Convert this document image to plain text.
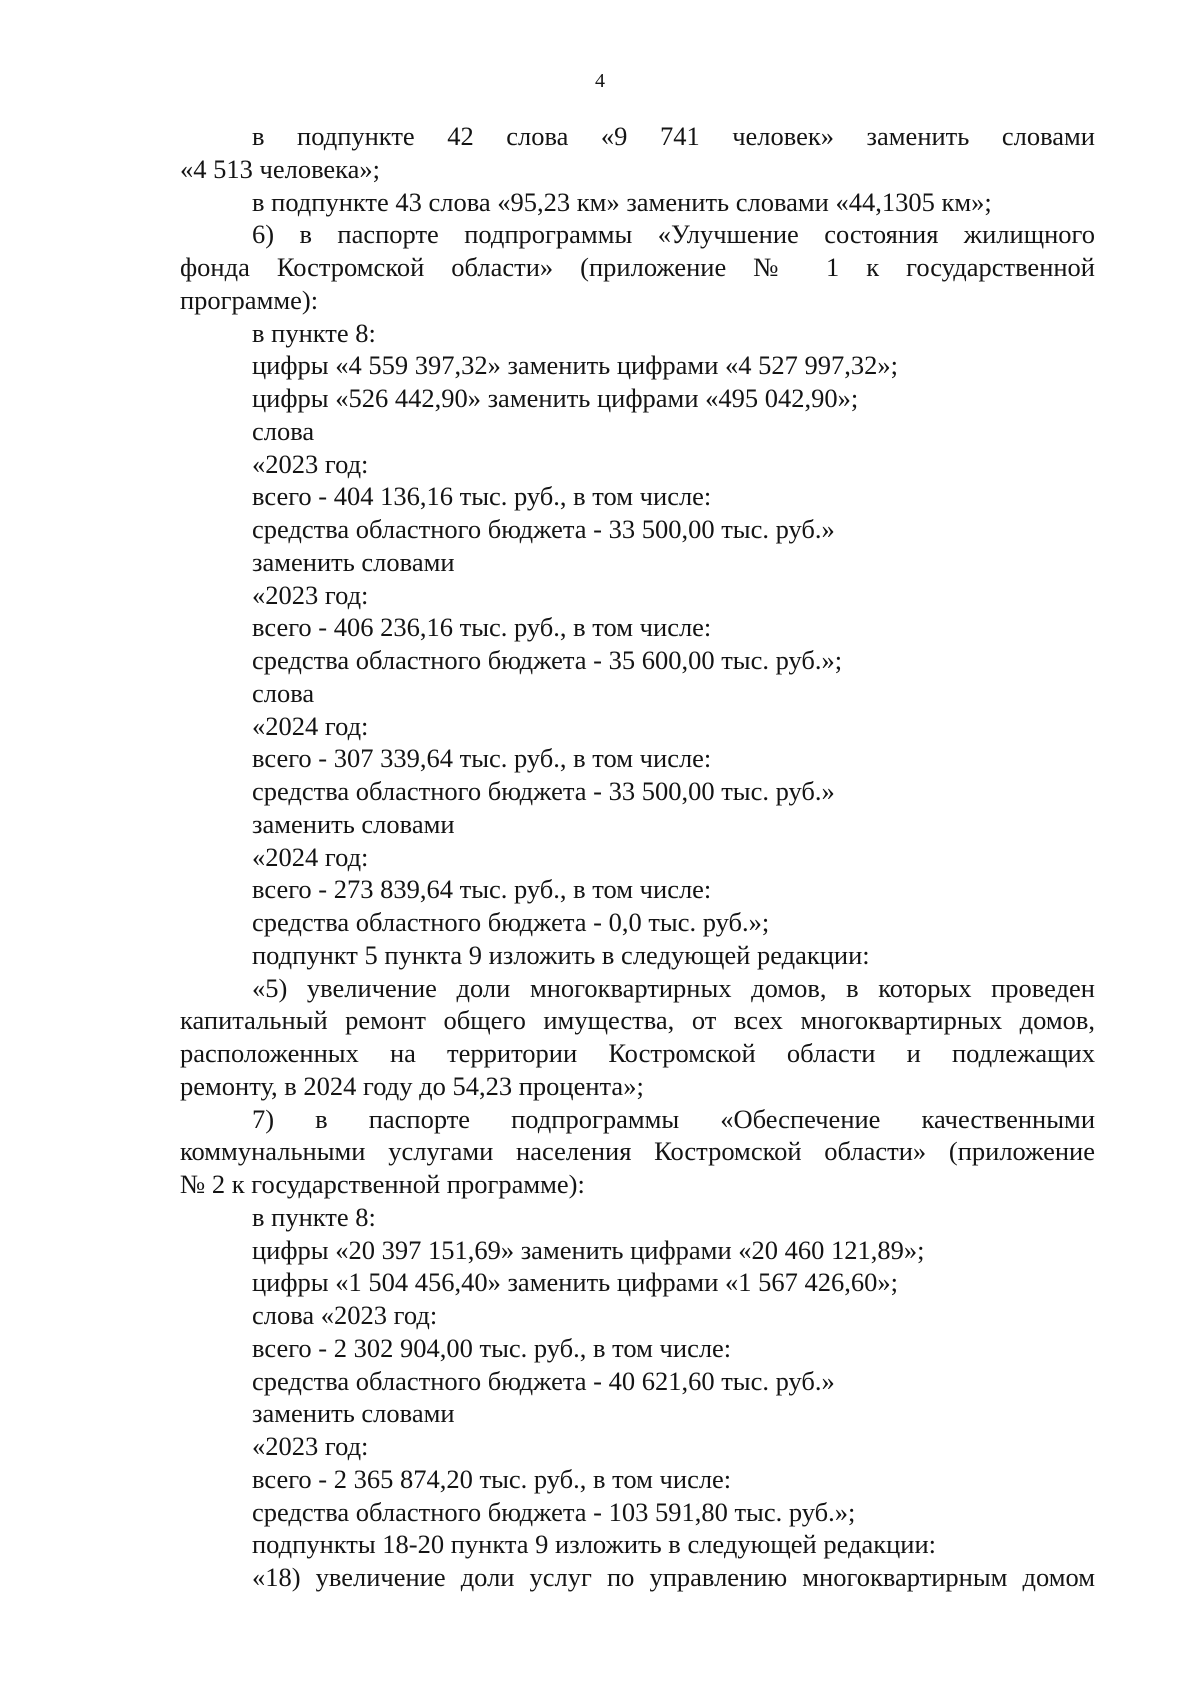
4
в подпункте 42 слова «9 741 человек» заменить словами
«4 513 человека»;
в подпункте 43 слова «95,23 км» заменить словами «44,1305 км»;
6) в паспорте подпрограммы «Улучшение состояния жилищного
фонда Костромской области» (приложение № 1 к государственной
программе):
в пункте 8:
цифры «4 559 397,32» заменить цифрами «4 527 997,32»;
цифры «526 442,90» заменить цифрами «495 042,90»;
слова
«2023 год:
всего - 404 136,16 тыс. руб., в том числе:
средства областного бюджета - 33 500,00 тыс. руб.»
заменить словами
«2023 год:
всего - 406 236,16 тыс. руб., в том числе:
средства областного бюджета - 35 600,00 тыс. руб.»;
слова
«2024 год:
всего - 307 339,64 тыс. руб., в том числе:
средства областного бюджета - 33 500,00 тыс. руб.»
заменить словами
«2024 год:
всего - 273 839,64 тыс. руб., в том числе:
средства областного бюджета - 0,0 тыс. руб.»;
подпункт 5 пункта 9 изложить в следующей редакции:
«5) увеличение доли многоквартирных домов, в которых проведен
капитальный ремонт общего имущества, от всех многоквартирных домов,
расположенных на территории Костромской области и подлежащих
ремонту, в 2024 году до 54,23 процента»;
7) в паспорте подпрограммы «Обеспечение качественными
коммунальными услугами населения Костромской области» (приложение
№ 2 к государственной программе):
в пункте 8:
цифры «20 397 151,69» заменить цифрами «20 460 121,89»;
цифры «1 504 456,40» заменить цифрами «1 567 426,60»;
слова «2023 год:
всего - 2 302 904,00 тыс. руб., в том числе:
средства областного бюджета - 40 621,60 тыс. руб.»
заменить словами
«2023 год:
всего - 2 365 874,20 тыс. руб., в том числе:
средства областного бюджета - 103 591,80 тыс. руб.»;
подпункты 18-20 пункта 9 изложить в следующей редакции:
«18) увеличение доли услуг по управлению многоквартирным домом
